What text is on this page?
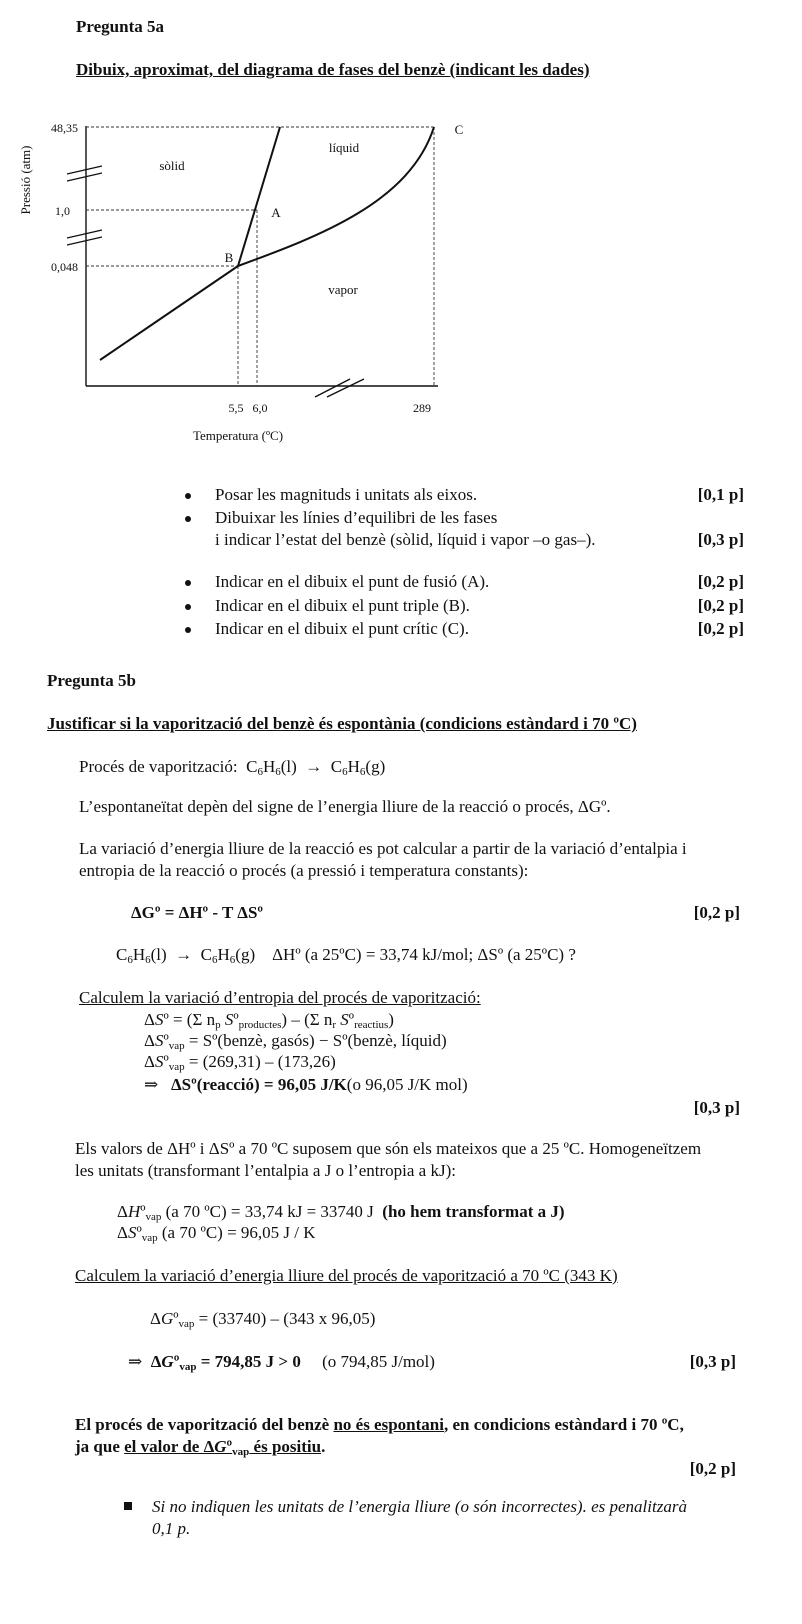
Pregunta 5a
Dibuix, aproximat, del diagrama de fases del benzè (indicant les dades)
Pressió (atm)
48,35
1,0
0,048
5,5 6,0	289
Temperatura (ºC)
sòlid
líquid
vapor
A
B
C
Posar les magnituds i unitats als eixos.	[0,1 p]
Dibuixar les línies d’equilibri de les fases
i indicar l’estat del benzè (sòlid, líquid i vapor –o gas–).	[0,3 p]
Indicar en el dibuix el punt de fusió (A).	[0,2 p]
Indicar en el dibuix el punt triple (B).	[0,2 p]
Indicar en el dibuix el punt crític (C).	[0,2 p]
Pregunta 5b
Justificar si la vaporització del benzè és espontània (condicions estàndard i 70 ºC)
Procés de vaporització:  $C_6H_6(l) \to C_6H_6(g)$
L’espontaneïtat depèn del signe de l’energia lliure de la reacció o procés, ΔGº.
La variació d’energia lliure de la reacció es pot calcular a partir de la variació d’entalpia i
entropia de la reacció o procés (a pressió i temperatura constants):
ΔGº = ΔHº - T ΔSº	[0,2 p]
$C_6H_6(l) \to C_6H_6(g)$    ΔHº (a 25ºC) = 33,74 kJ/mol; ΔSº (a 25ºC) ?
Calculem la variació d’entropia del procés de vaporització:
ΔSº = (Σ $n_p$ Sº$_{productes}$) – (Σ $n_r$ Sº$_{reactius}$)
ΔSº$_{vap}$ = Sº(benzè, gasós) − Sº(benzè, líquid)
ΔSº$_{vap}$ = (269,31) – (173,26)
⇒   ΔSº(reacció) = 96,05 J/K(o 96,05 J/K mol)
[0,3 p]
Els valors de ΔHº i ΔSº a 70 ºC suposem que són els mateixos que a 25 ºC. Homogeneïtzem
les unitats (transformant l’entalpia a J o l’entropia a kJ):
ΔHº$_{vap}$ (a 70 ºC) = 33,74 kJ = 33740 J (ho hem transformat a J)
ΔSº$_{vap}$ (a 70 ºC) = 96,05 J / K
Calculem la variació d’energia lliure del procés de vaporització a 70 ºC (343 K)
ΔGº$_{vap}$ = (33740) – (343 x 96,05)
⇒  ΔGº$_{vap}$ = 794,85 J > 0 (o 794,85 J/mol)	[0,3 p]
El procés de vaporització del benzè no és espontani, en condicions estàndard i 70 ºC,
ja que el valor de ΔGº$_{vap}$ és positiu.
[0,2 p]
Si no indiquen les unitats de l’energia lliure (o són incorrectes). es penalitzarà
0,1 p.
